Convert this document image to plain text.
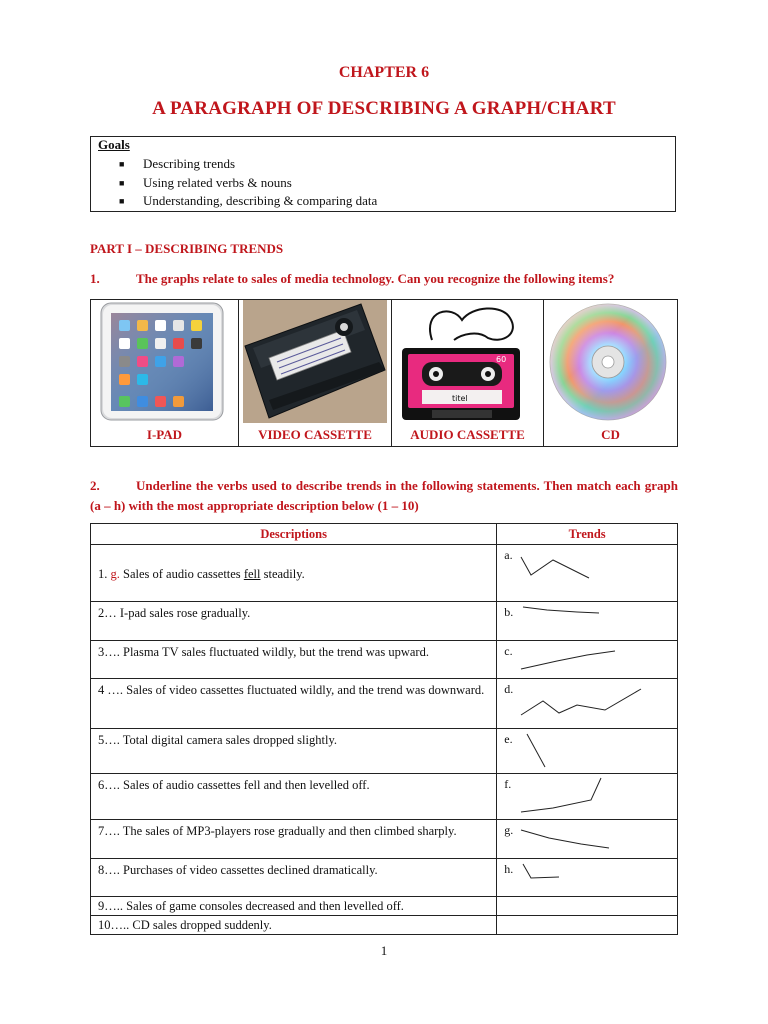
CHAPTER 6
A PARAGRAPH OF DESCRIBING A GRAPH/CHART
Goals
■ Describing trends
■ Using related verbs & nouns
■ Understanding, describing & comparing data
PART I – DESCRIBING TRENDS
1.	The graphs relate to sales of media technology. Can you recognize the following items?
I-PAD	VIDEO CASSETTE
titel
60
AUDIO CASSETTE	CD
2.	Underline the verbs used to describe trends in the following statements. Then match each graph (a – h) with the most appropriate description below (1 – 10)
Descriptions	Trends
1. g. Sales of audio cassettes fell steadily.	a.

2… I-pad sales rose gradually.	b.

3…. Plasma TV sales fluctuated wildly, but the trend was upward.	c.

4 …. Sales of video cassettes fluctuated wildly, and the trend was downward.	d.

5…. Total digital camera sales dropped slightly.	e.

6…. Sales of audio cassettes fell and then levelled off.	f.

7…. The sales of MP3-players rose gradually and then climbed sharply.	g.

8…. Purchases of video cassettes declined dramatically.	h.

9….. Sales of game consoles decreased and then levelled off.	
10….. CD sales dropped suddenly.	
1
